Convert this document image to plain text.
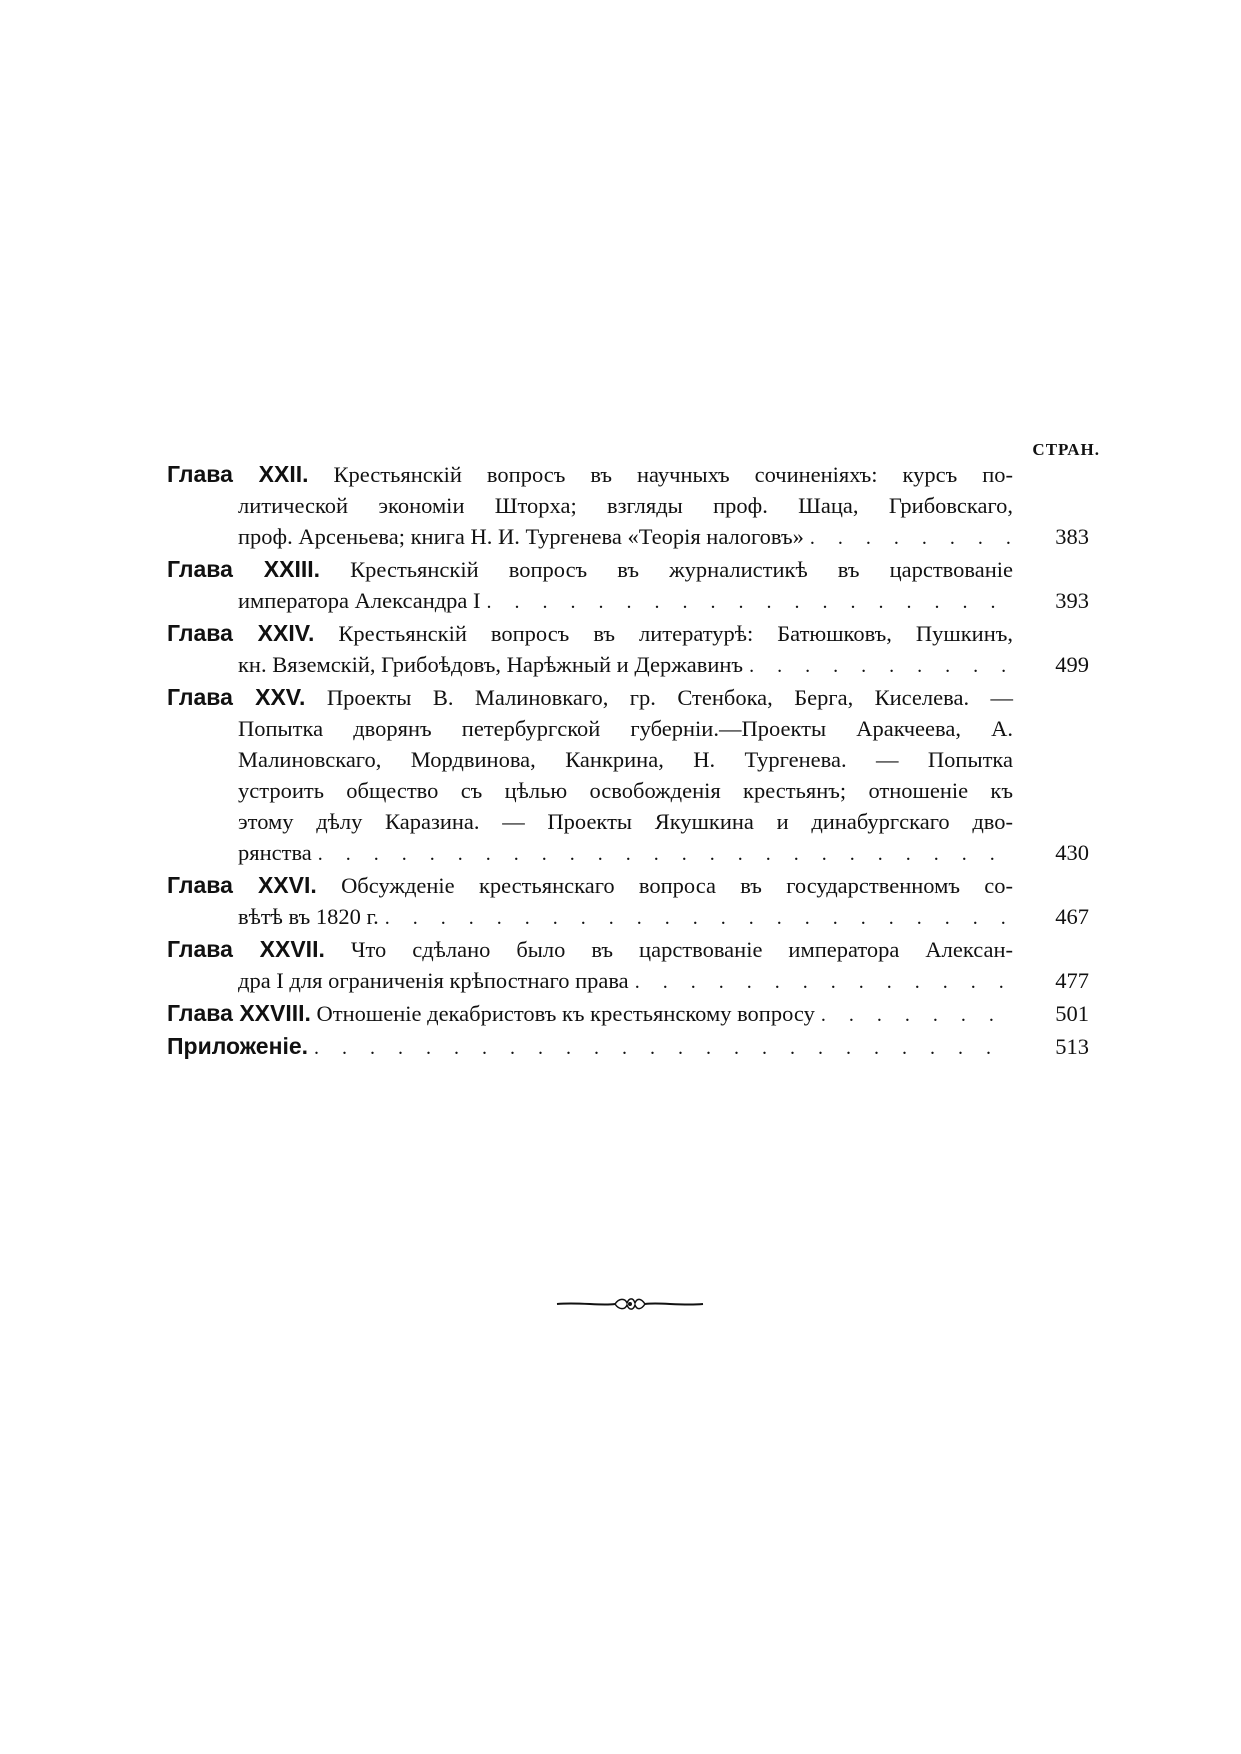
СТРАН.
Глава XXII. Крестьянскій вопросъ въ научныхъ сочиненіяхъ: курсъ по-
литической экономіи Шторха; взгляды проф. Шаца, Грибовскаго,
проф. Арсеньева; книга Н. И. Тургенева «Теорія налоговъ» . . .	383
Глава XXIII. Крестьянскій вопросъ въ журналистикѣ въ царствованіе
императора Александра I . . .	393
Глава XXIV. Крестьянскій вопросъ въ литературѣ: Батюшковъ, Пушкинъ,
кн. Вяземскій, Грибоѣдовъ, Нарѣжный и Державинъ . . .	499
Глава XXV. Проекты В. Малиновкаго, гр. Стенбока, Берга, Киселева. —
Попытка дворянъ петербургской губерніи.—Проекты Аракчеева, А.
Малиновскаго, Мордвинова, Канкрина, Н. Тургенева. — Попытка
устроить общество съ цѣлью освобожденія крестьянъ; отношеніе къ
этому дѣлу Каразина. — Проекты Якушкина и динабургскаго дво-
рянства . . .	430
Глава XXVI. Обсужденіе крестьянскаго вопроса въ государственномъ со-
вѣтѣ въ 1820 г. . . .	467
Глава XXVII. Что сдѣлано было въ царствованіе императора Алексан-
дра I для ограниченія крѣпостнаго права . . .	477
Глава XXVIII. Отношеніе декабристовъ къ крестьянскому вопросу . . .	501
Приложеніе. . . .	513
